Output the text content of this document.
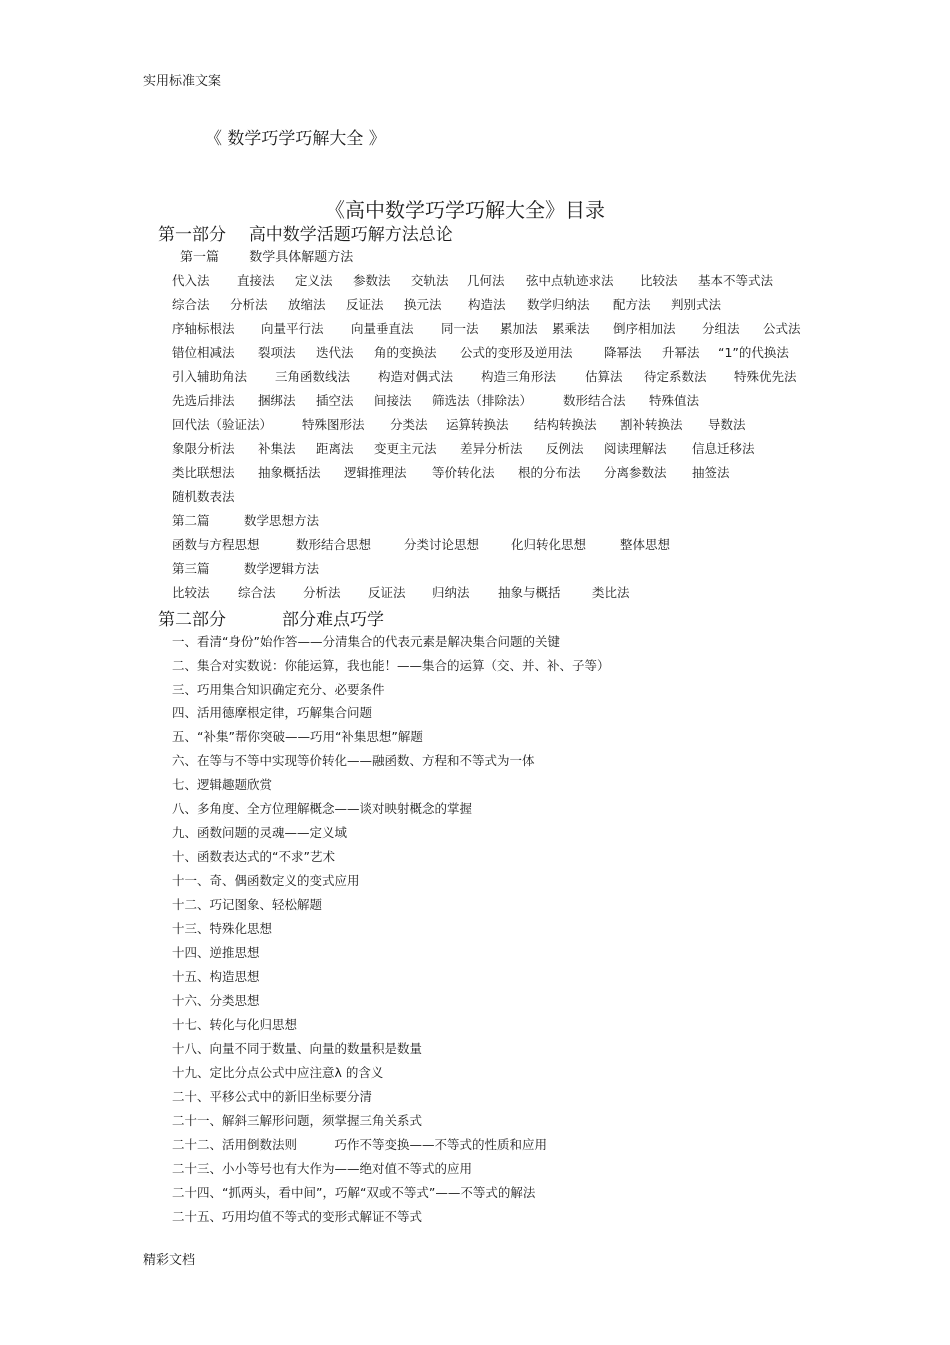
实用标准文案
《 数学巧学巧解大全 》
《高中数学巧学巧解大全》目录
第一部分 高中数学活题巧解方法总论
第一篇 数学具体解题方法
代入法 直接法 定义法 参数法 交轨法 几何法 弦中点轨迹求法 比较法 基本不等式法
综合法 分析法 放缩法 反证法 换元法 构造法 数学归纳法 配方法 判别式法
序轴标根法 向量平行法 向量垂直法 同一法 累加法 累乘法 倒序相加法 分组法 公式法
错位相减法 裂项法 迭代法 角的变换法 公式的变形及逆用法	降幂法 升幂法 “1”的代换法
引入辅助角法 三角函数线法 构造对偶式法 构造三角形法 估算法 待定系数法 特殊优先法
先选后排法 捆绑法 插空法 间接法 筛选法（排除法） 数形结合法 特殊值法
回代法（验证法） 特殊图形法 分类法 运算转换法 结构转换法 割补转换法 导数法
象限分析法 补集法 距离法 变更主元法 差异分析法 反例法 阅读理解法 信息迁移法
类比联想法 抽象概括法 逻辑推理法 等价转化法 根的分布法 分离参数法 抽签法
随机数表法
第二篇	数学思想方法
函数与方程思想	数形结合思想	分类讨论思想	化归转化思想	整体思想
第三篇	数学逻辑方法
比较法 综合法 分析法 反证法 归纳法 抽象与概括	类比法
第二部分	部分难点巧学
一、看清“身份”始作答——分清集合的代表元素是解决集合问题的关键
二、集合对实数说：你能运算，我也能！——集合的运算（交、并、补、子等）
三、巧用集合知识确定充分、必要条件
四、活用德摩根定律，巧解集合问题
五、“补集”帮你突破——巧用“补集思想”解题
六、在等与不等中实现等价转化——融函数、方程和不等式为一体
七、逻辑趣题欣赏
八、多角度、全方位理解概念——谈对映射概念的掌握
九、函数问题的灵魂——定义域
十、函数表达式的“不求”艺术
十一、奇、偶函数定义的变式应用
十二、巧记图象、轻松解题
十三、特殊化思想
十四、逆推思想
十五、构造思想
十六、分类思想
十七、转化与化归思想
十八、向量不同于数量、向量的数量积是数量
十九、定比分点公式中应注意λ 的含义
二十、平移公式中的新旧坐标要分清
二十一、解斜三解形问题，须掌握三角关系式
二十二、活用倒数法则　　　巧作不等变换——不等式的性质和应用
二十三、小小等号也有大作为——绝对值不等式的应用
二十四、“抓两头，看中间”，巧解“双或不等式”——不等式的解法
二十五、巧用均值不等式的变形式解证不等式
精彩文档
